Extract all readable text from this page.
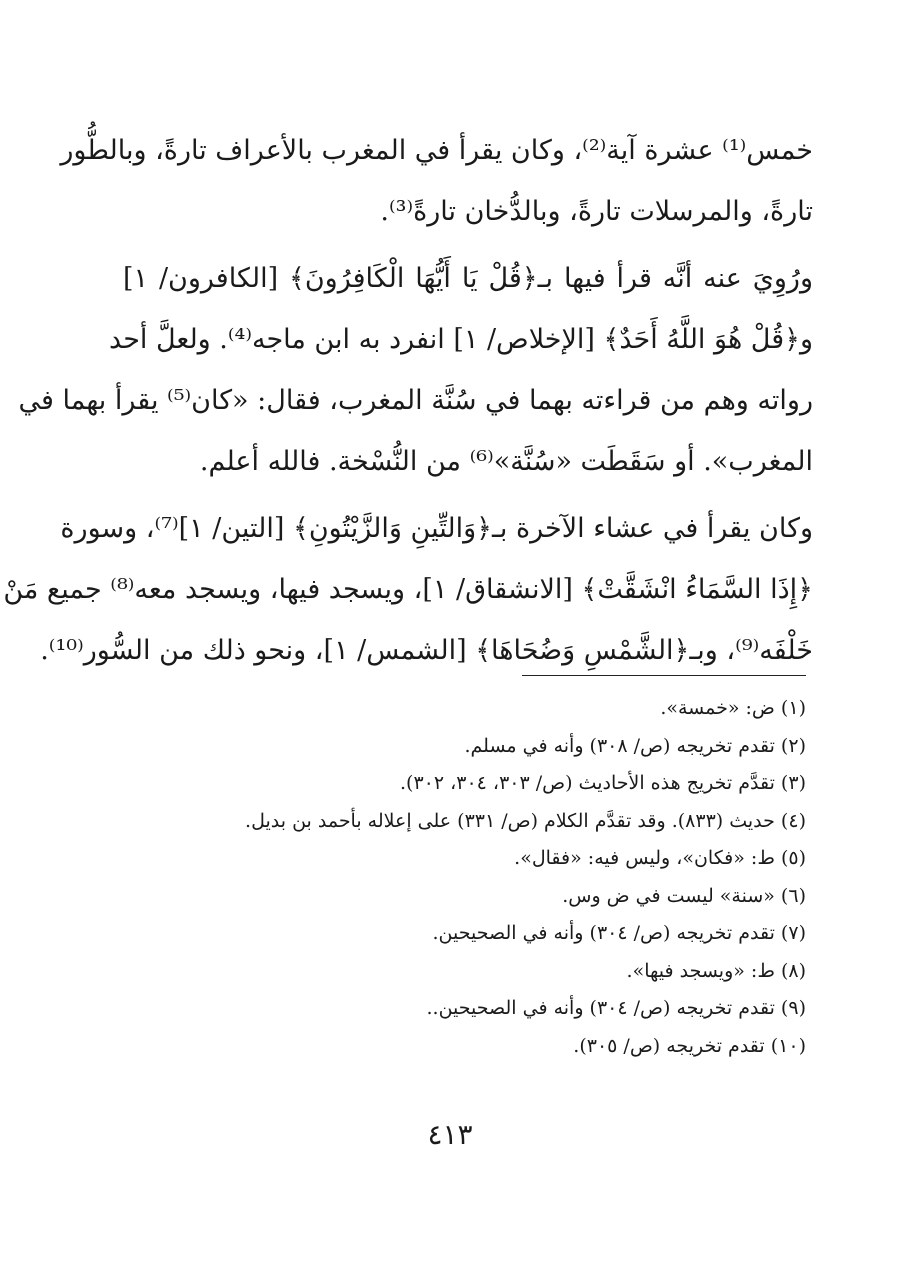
خمس⁽¹⁾ عشرة آية⁽²⁾، وكان يقرأ في المغرب بالأعراف تارةً، وبالطُّور
تارةً، والمرسلات تارةً، وبالدُّخان تارةً⁽³⁾.
ورُوِيَ عنه أنَّه قرأ فيها بـ﴿قُلْ يَا أَيُّهَا الْكَافِرُونَ﴾ [الكافرون/ ١]
و﴿قُلْ هُوَ اللَّهُ أَحَدٌ﴾ [الإخلاص/ ١] انفرد به ابن ماجه⁽⁴⁾. ولعلَّ أحد
رواته وهم من قراءته بهما في سُنَّة المغرب، فقال: «كان⁽⁵⁾ يقرأ بهما في
المغرب». أو سَقَطَت «سُنَّة»⁽⁶⁾ من النُّسْخة. فالله أعلم.
وكان يقرأ في عشاء الآخرة بـ﴿وَالتِّينِ وَالزَّيْتُونِ﴾ [التين/ ١]⁽⁷⁾، وسورة
﴿إِذَا السَّمَاءُ انْشَقَّتْ﴾ [الانشقاق/ ١]، ويسجد فيها، ويسجد معه⁽⁸⁾ جميع مَنْ
خَلْفَه⁽⁹⁾، وبـ﴿الشَّمْسِ وَضُحَاهَا﴾ [الشمس/ ١]، ونحو ذلك من السُّور⁽¹⁰⁾.
(١) ض: «خمسة».
(٢) تقدم تخريجه (ص/ ٣٠٨) وأنه في مسلم.
(٣) تقدَّم تخريج هذه الأحاديث (ص/ ٣٠٣، ٣٠٤، ٣٠٢).
(٤) حديث (٨٣٣). وقد تقدَّم الكلام (ص/ ٣٣١) على إعلاله بأحمد بن بديل.
(٥) ط: «فكان»، وليس فيه: «فقال».
(٦) «سنة» ليست في ض وس.
(٧) تقدم تخريجه (ص/ ٣٠٤) وأنه في الصحيحين.
(٨) ط: «ويسجد فيها».
(٩) تقدم تخريجه (ص/ ٣٠٤) وأنه في الصحيحين..
(١٠) تقدم تخريجه (ص/ ٣٠٥).
٤١٣
